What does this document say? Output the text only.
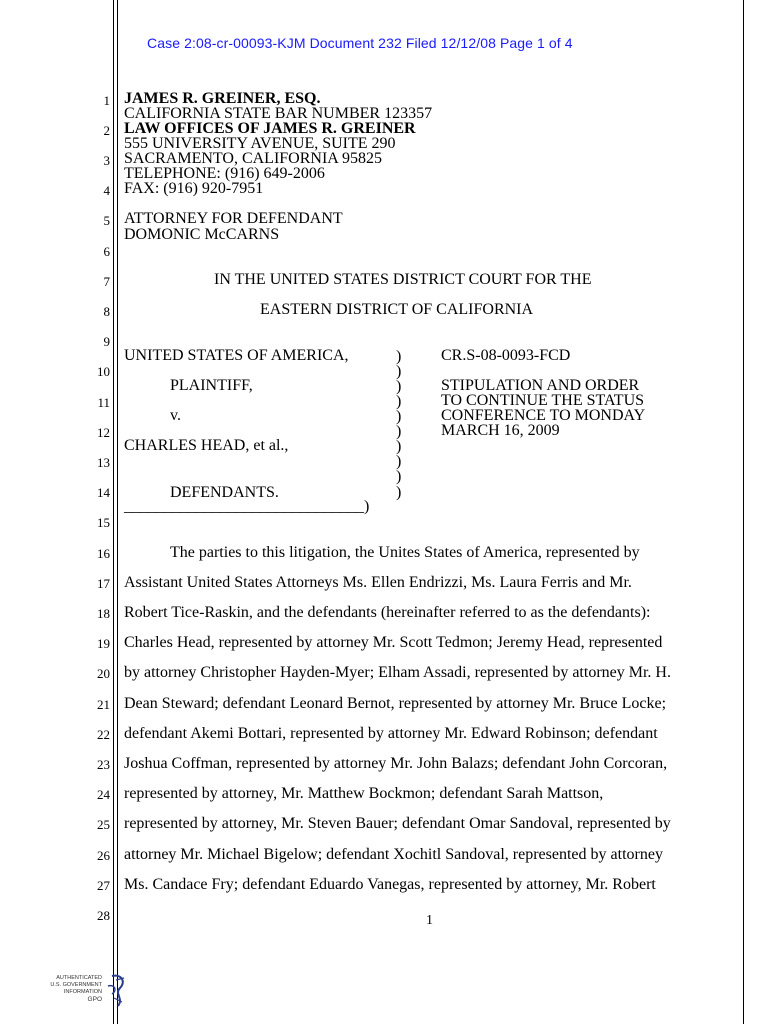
Case 2:08-cr-00093-KJM Document 232 Filed 12/12/08 Page 1 of 4
1
2
3
4
5
6
7
8
9
10
11
12
13
14
15
16
17
18
19
20
21
22
23
24
25
26
27
28
JAMES R. GREINER, ESQ.
CALIFORNIA STATE BAR NUMBER 123357
LAW OFFICES OF JAMES R. GREINER
555 UNIVERSITY AVENUE, SUITE 290
SACRAMENTO, CALIFORNIA 95825
TELEPHONE: (916) 649-2006
FAX: (916) 920-7951
ATTORNEY FOR DEFENDANT
DOMONIC McCARNS
IN THE UNITED STATES DISTRICT COURT FOR THE
EASTERN DISTRICT OF CALIFORNIA
UNITED STATES OF AMERICA,
PLAINTIFF,
v.
CHARLES HEAD, et al.,
DEFENDANTS.
______________________________)
)
)
)
)
)
)
)
)
)
)
CR.S-08-0093-FCD
STIPULATION AND ORDER
TO CONTINUE THE STATUS
CONFERENCE TO MONDAY
MARCH 16, 2009
The parties to this litigation, the Unites States of America, represented by
Assistant United States Attorneys Ms. Ellen Endrizzi, Ms. Laura Ferris and Mr.
Robert Tice-Raskin, and the defendants (hereinafter referred to as the defendants):
Charles Head, represented by attorney Mr. Scott Tedmon; Jeremy Head, represented
by attorney Christopher Hayden-Myer; Elham Assadi, represented by attorney Mr. H.
Dean Steward; defendant Leonard Bernot, represented by attorney Mr. Bruce Locke;
defendant Akemi Bottari, represented by attorney Mr. Edward Robinson; defendant
Joshua Coffman, represented by attorney Mr. John Balazs; defendant John Corcoran,
represented by attorney, Mr. Matthew Bockmon; defendant Sarah Mattson,
represented by attorney, Mr. Steven Bauer; defendant Omar Sandoval, represented by
attorney Mr. Michael Bigelow; defendant Xochitl Sandoval, represented by attorney
Ms. Candace Fry; defendant Eduardo Vanegas, represented by attorney, Mr. Robert
1
AUTHENTICATED
U.S. GOVERNMENT
INFORMATION
GPO
